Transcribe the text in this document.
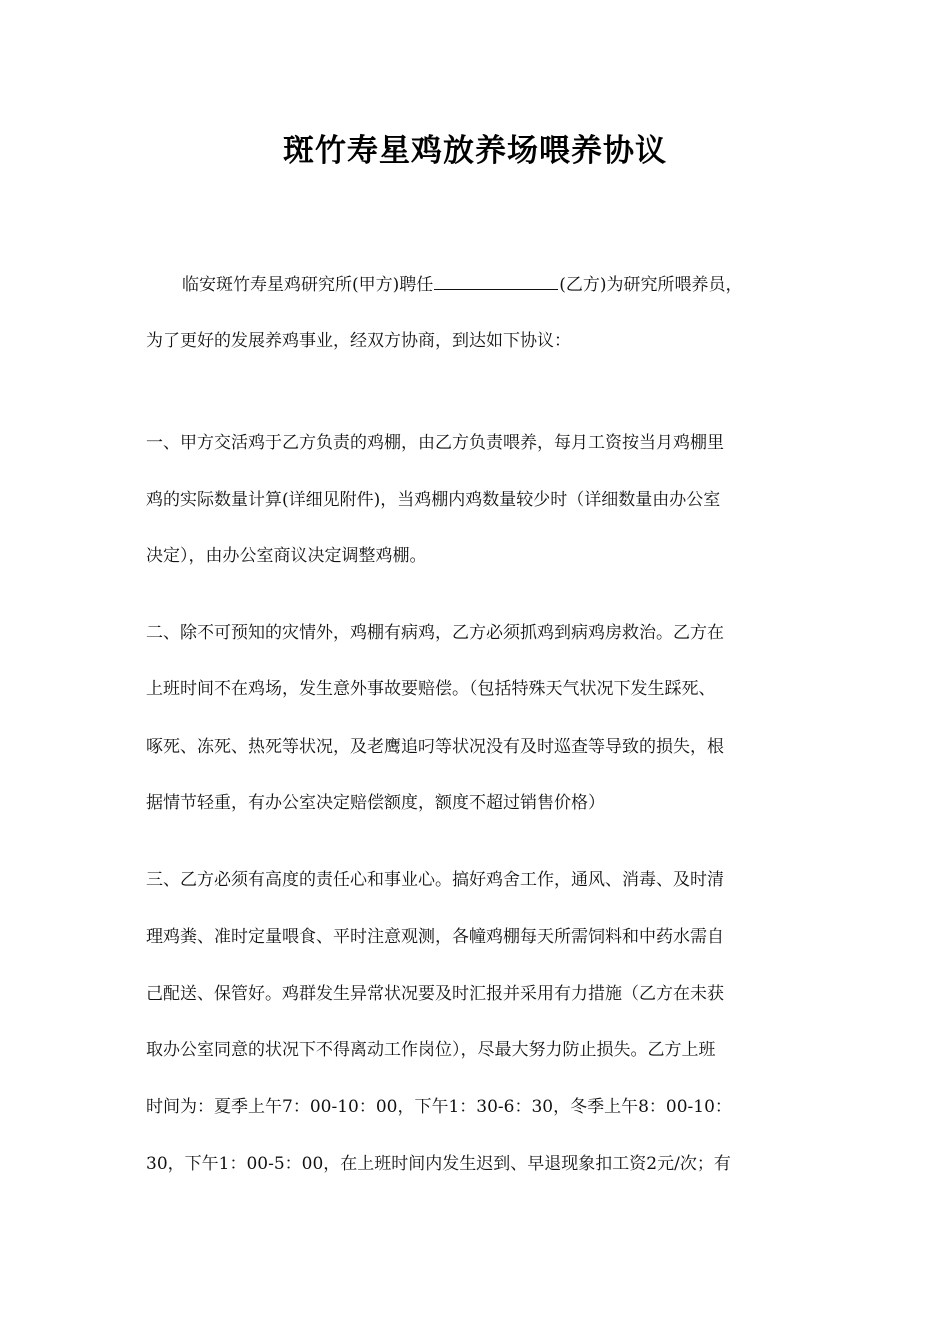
斑竹寿星鸡放养场喂养协议
临安斑竹寿星鸡研究所(甲方)聘任	(乙方)为研究所喂养员，
为了更好的发展养鸡事业，经双方协商，到达如下协议：
一、甲方交活鸡于乙方负责的鸡棚，由乙方负责喂养，每月工资按当月鸡棚里
鸡的实际数量计算(详细见附件)，当鸡棚内鸡数量较少时（详细数量由办公室
决定），由办公室商议决定调整鸡棚。
二、除不可预知的灾情外，鸡棚有病鸡，乙方必须抓鸡到病鸡房救治。乙方在
上班时间不在鸡场，发生意外事故要赔偿。（包括特殊天气状况下发生踩死、
啄死、冻死、热死等状况，及老鹰追叼等状况没有及时巡查等导致的损失，根
据情节轻重，有办公室决定赔偿额度，额度不超过销售价格）
三、乙方必须有高度的责任心和事业心。搞好鸡舍工作，通风、消毒、及时清
理鸡粪、准时定量喂食、平时注意观测，各幢鸡棚每天所需饲料和中药水需自
己配送、保管好。鸡群发生异常状况要及时汇报并采用有力措施（乙方在未获
取办公室同意的状况下不得离动工作岗位），尽最大努力防止损失。乙方上班
时间为：夏季上午7：00-10：00，下午1：30-6：30，冬季上午8：00-10：
30，下午1：00-5：00，在上班时间内发生迟到、早退现象扣工资2元/次；有
